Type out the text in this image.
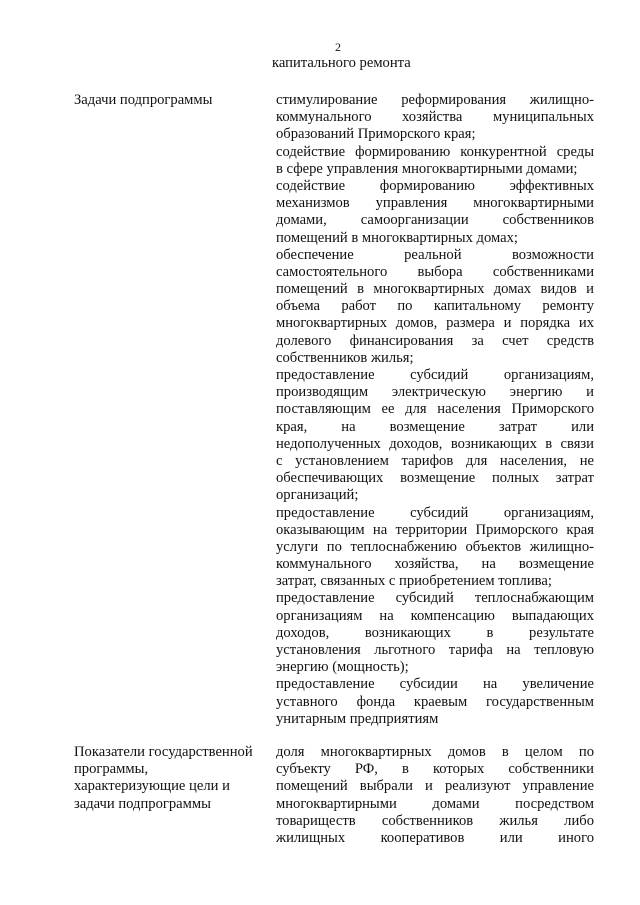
2
капитального ремонта
Задачи подпрограммы	стимулирование реформирования жилищно-
коммунального хозяйства муниципальных
образований Приморского края;
содействие формированию конкурентной среды
в сфере управления многоквартирными домами;
содействие формированию эффективных
механизмов управления многоквартирными
домами, самоорганизации собственников
помещений в многоквартирных домах;
обеспечение реальной возможности
самостоятельного выбора собственниками
помещений в многоквартирных домах видов и
объема работ по капитальному ремонту
многоквартирных домов, размера и порядка их
долевого финансирования за счет средств
собственников жилья;
предоставление субсидий организациям,
производящим электрическую энергию и
поставляющим ее для населения Приморского
края, на возмещение затрат или
недополученных доходов, возникающих в связи
с установлением тарифов для населения, не
обеспечивающих возмещение полных затрат
организаций;
предоставление субсидий организациям,
оказывающим на территории Приморского края
услуги по теплоснабжению объектов жилищно-
коммунального хозяйства, на возмещение
затрат, связанных с приобретением топлива;
предоставление субсидий теплоснабжающим
организациям на компенсацию выпадающих
доходов, возникающих в результате
установления льготного тарифа на тепловую
энергию (мощность);
предоставление субсидии на увеличение
уставного фонда краевым государственным
унитарным предприятиям
Показатели государственной
программы,
характеризующие цели и
задачи подпрограммы
доля многоквартирных домов в целом по
субъекту РФ, в которых собственники
помещений выбрали и реализуют управление
многоквартирными домами посредством
товариществ собственников жилья либо
жилищных кооперативов или иного
